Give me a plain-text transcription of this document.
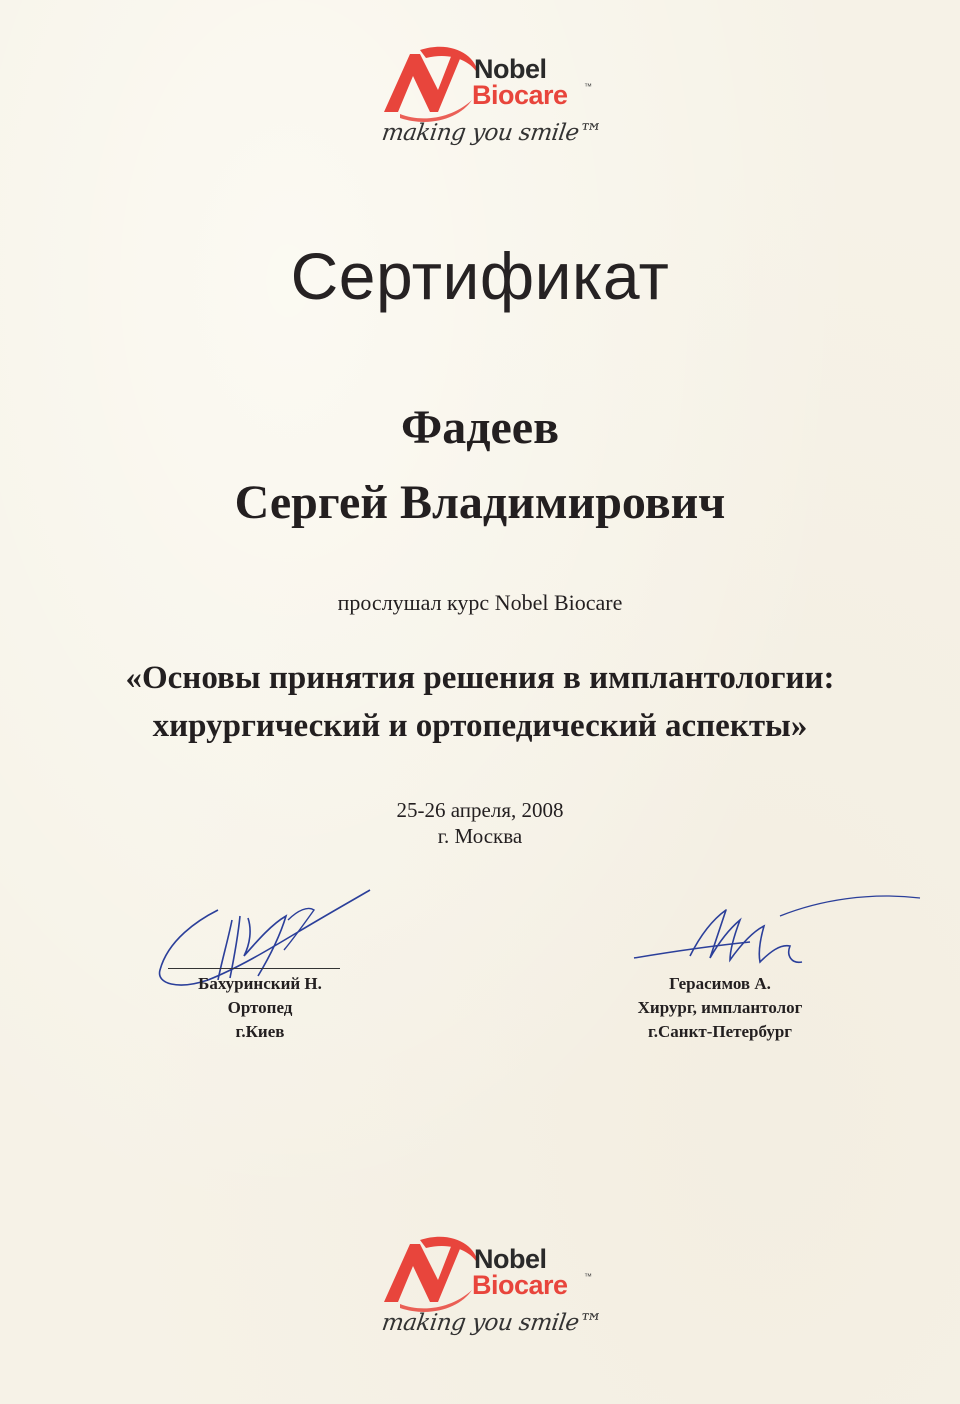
Nobel
Biocare ™
making you smile™
Сертификат
Фадеев
Сергей Владимирович
прослушал курс Nobel Biocare
«Основы принятия решения в имплантологии:
хирургический и ортопедический аспекты»
25-26 апреля, 2008
г. Москва
Бахуринский Н.
Ортопед
г.Киев
Герасимов А.
Хирург, имплантолог
г.Санкт-Петербург
Nobel
Biocare ™
making you smile™
